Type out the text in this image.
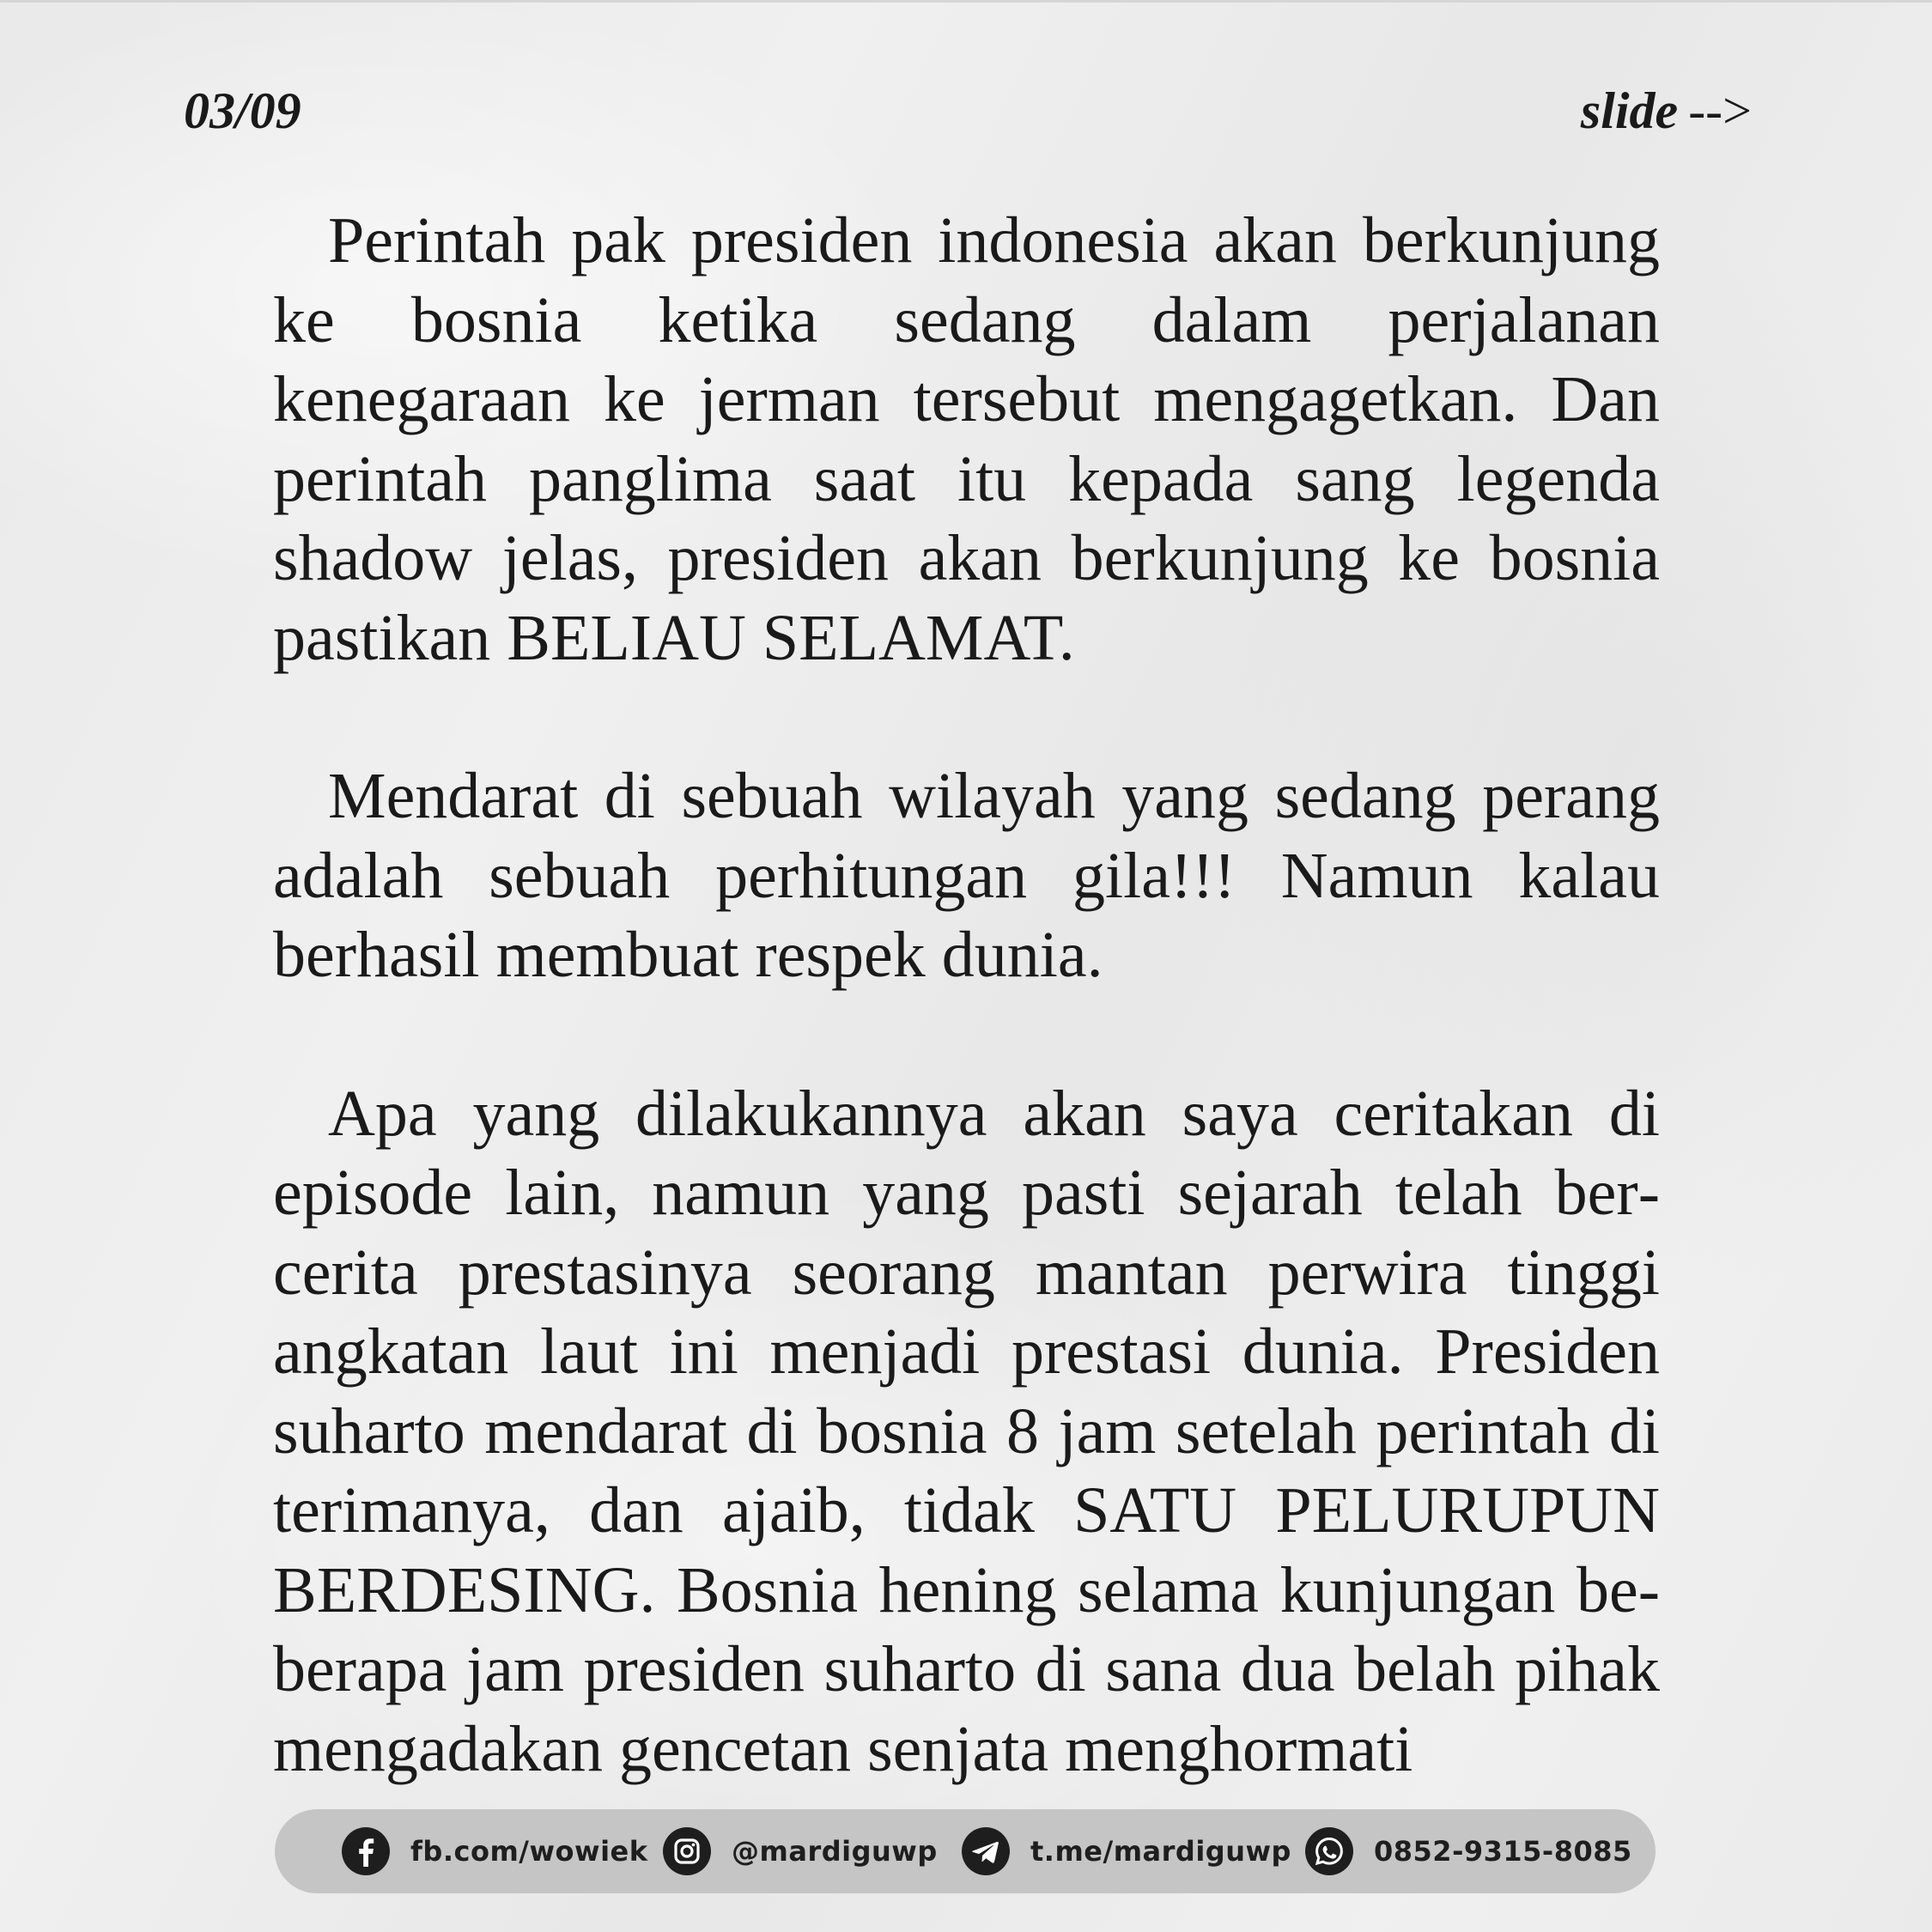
03/09	slide -->

Perintah pak presiden indonesia akan berkunjung ke bosnia ketika sedang dalam perjalanan kenegaraan ke jerman tersebut mengagetkan. Dan perintah panglima saat itu kepada sang legenda shadow jelas, presiden akan berkunjung ke bosnia pastikan BELIAU SELAMAT.

Mendarat di sebuah wilayah yang sedang perang adalah sebuah perhitungan gila!!! Namun kalau berhasil membuat respek dunia.

Apa yang dilakukannya akan saya ceritakan di episode lain, namun yang pasti sejarah telah bercerita prestasinya seorang mantan perwira tinggi angkatan laut ini menjadi prestasi dunia. Presiden suharto mendarat di bosnia 8 jam setelah perintah di terimanya, dan ajaib, tidak SATU PELURUPUN BERDESING. Bosnia hening selama kunjungan beberapa jam presiden suharto di sana dua belah pihak mengadakan gencetan senjata menghormati

fb.com/wowiek	@mardiguwp	t.me/mardiguwp	0852-9315-8085
